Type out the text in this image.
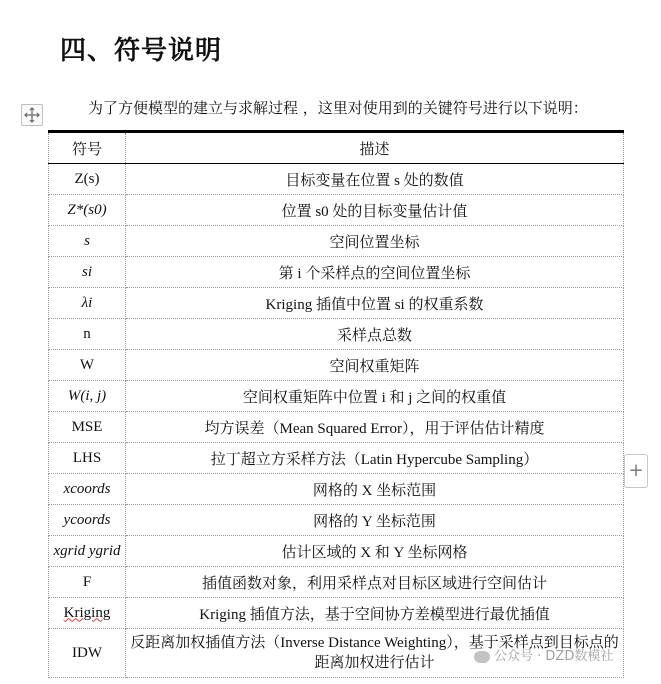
四、符号说明
为了方便模型的建立与求解过程 ，这里对使用到的关键符号进行以下说明：
符号	描述
Z(s)	目标变量在位置 s 处的数值
Z*(s0)	位置 s0 处的目标变量估计值
s	空间位置坐标
si	第 i 个采样点的空间位置坐标
λi	Kriging 插值中位置 si 的权重系数
n	采样点总数
W	空间权重矩阵
W(i, j)	空间权重矩阵中位置 i 和 j 之间的权重值
MSE	均方误差（Mean Squared Error），用于评估估计精度
LHS	拉丁超立方采样方法（Latin Hypercube Sampling）
xcoords	网格的 X 坐标范围
ycoords	网格的 Y 坐标范围
xgrid ygrid	估计区域的 X 和 Y 坐标网格
F	插值函数对象，利用采样点对目标区域进行空间估计
Kriging	Kriging 插值方法，基于空间协方差模型进行最优插值
IDW	反距离加权插值方法（Inverse Distance Weighting），基于采样点到目标点的距离加权进行估计
+
公众号 · DZD数模社
